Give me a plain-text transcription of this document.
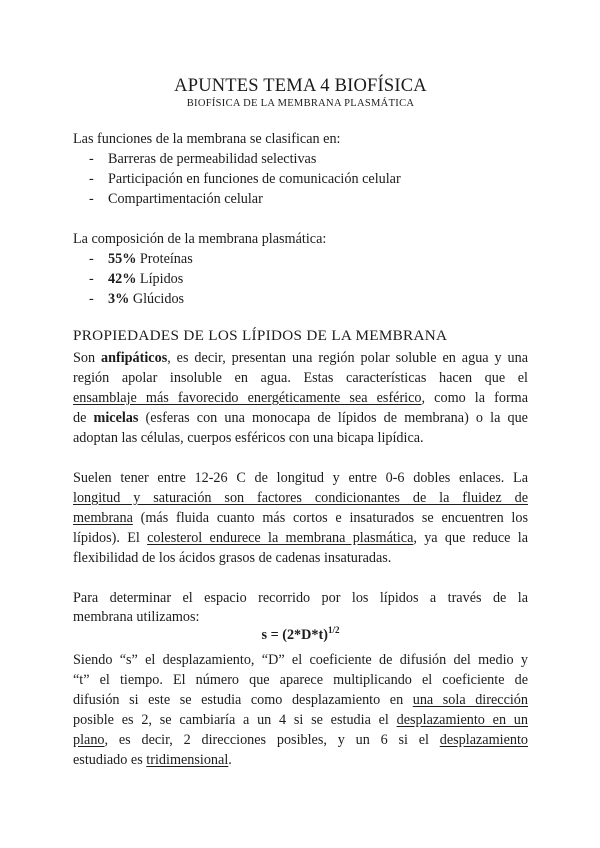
APUNTES TEMA 4 BIOFÍSICA
BIOFÍSICA DE LA MEMBRANA PLASMÁTICA
Las funciones de la membrana se clasifican en:
- Barreras de permeabilidad selectivas
- Participación en funciones de comunicación celular
- Compartimentación celular
La composición de la membrana plasmática:
- 55% Proteínas
- 42% Lípidos
- 3% Glúcidos
PROPIEDADES DE LOS LÍPIDOS DE LA MEMBRANA
Son anfipáticos, es decir, presentan una región polar soluble en agua y una
región apolar insoluble en agua. Estas características hacen que el
ensamblaje más favorecido energéticamente sea esférico, como la forma
de micelas (esferas con una monocapa de lípidos de membrana) o la que
adoptan las células, cuerpos esféricos con una bicapa lipídica.
Suelen tener entre 12-26 C de longitud y entre 0-6 dobles enlaces. La
longitud y saturación son factores condicionantes de la fluidez de
membrana (más fluida cuanto más cortos e insaturados se encuentren los
lípidos). El colesterol endurece la membrana plasmática, ya que reduce la
flexibilidad de los ácidos grasos de cadenas insaturadas.
Para determinar el espacio recorrido por los lípidos a través de la
membrana utilizamos:
$s = (2*D*t)^{1/2}$
Siendo “s” el desplazamiento, “D” el coeficiente de difusión del medio y
“t” el tiempo. El número que aparece multiplicando el coeficiente de
difusión si este se estudia como desplazamiento en una sola dirección
posible es 2, se cambiaría a un 4 si se estudia el desplazamiento en un
plano, es decir, 2 direcciones posibles, y un 6 si el desplazamiento
estudiado es tridimensional.
